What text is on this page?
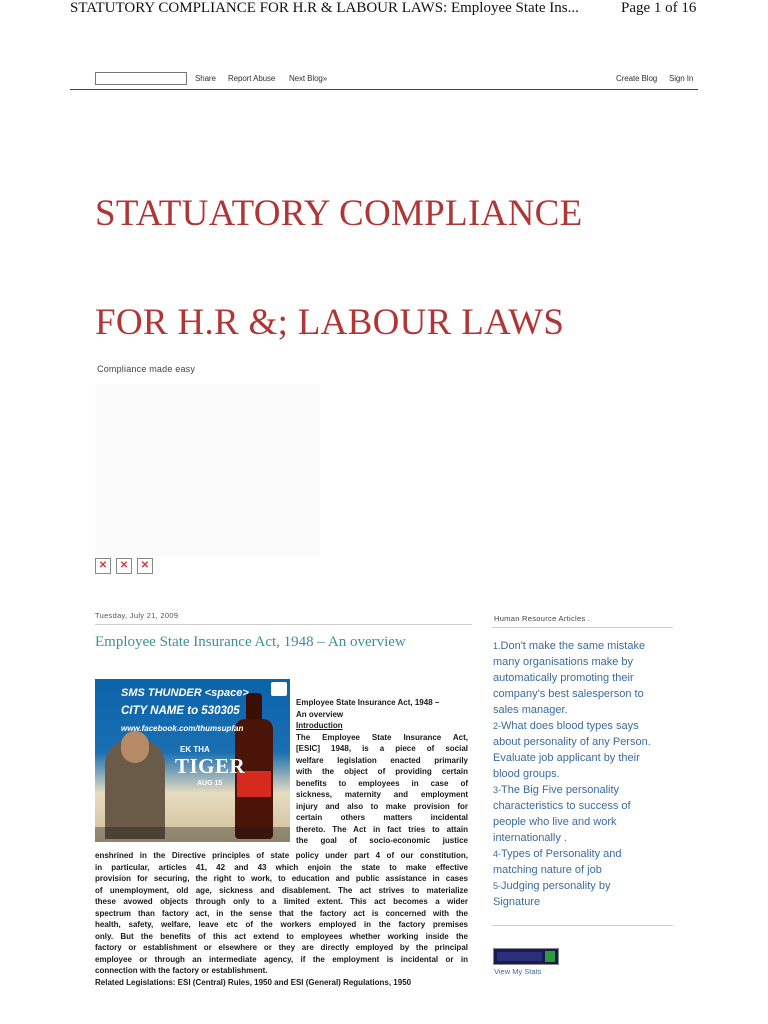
STATUTORY COMPLIANCE FOR H.R & LABOUR LAWS: Employee State Ins...	Page 1 of 16
Share Report Abuse Next Blog»	Create Blog Sign In
STATUATORY COMPLIANCE
FOR H.R &; LABOUR LAWS
Compliance made easy
✕ ✕ ✕
Tuesday, July 21, 2009
Employee State Insurance Act, 1948 – An overview
SMS THUNDER <space>
CITY NAME to 530305
www.facebook.com/thumsupfan
EK THA
TIGER
AUG 15
Employee State Insurance Act, 1948 –
An overview
Introduction
The Employee State Insurance Act,
[ESIC] 1948, is a piece of social
welfare legislation enacted primarily
with the object of providing certain
benefits to employees in case of
sickness, maternity and employment
injury and also to make provision for
certain others matters incidental
thereto. The Act in fact tries to attain
the goal of socio-economic justice
enshrined in the Directive principles of state policy under part 4 of our constitution,
in particular, articles 41, 42 and 43 which enjoin the state to make effective
provision for securing, the right to work, to education and public assistance in cases
of unemployment, old age, sickness and disablement. The act strives to materialize
these avowed objects through only to a limited extent. This act becomes a wider
spectrum than factory act, in the sense that the factory act is concerned with the
health, safety, welfare, leave etc of the workers employed in the factory premises
only. But the benefits of this act extend to employees whether working inside the
factory or establishment or elsewhere or they are directly employed by the principal
employee or through an intermediate agency, if the employment is incidental or in
connection with the factory or establishment.
Related Legislations: ESI (Central) Rules, 1950 and ESI (General) Regulations, 1950
Human Resource Articles .
1.Don't make the same mistake
many organisations make by
automatically promoting their
company's best salesperson to
sales manager.
2-What does blood types says
about personality of any Person.
Evaluate job applicant by their
blood groups.
3-The Big Five personality
characteristics to success of
people who live and work
internationally .
4-Types of Personality and
matching nature of job
5-Judging personality by
Signature
View My Stats
